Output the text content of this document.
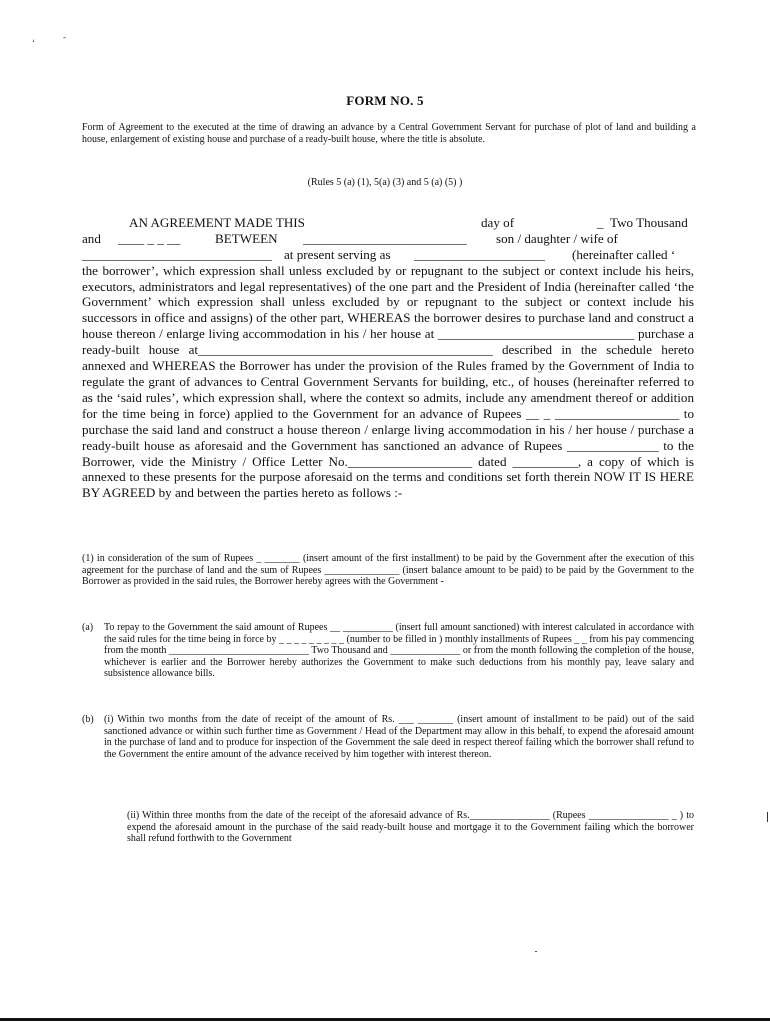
‘
-
FORM NO. 5
Form of Agreement to the executed at the time of drawing an advance by a Central Government Servant for purchase of plot of land and building a house, enlargement of existing house and purchase of a ready-built house, where the title is absolute.
(Rules 5 (a) (1), 5(a) (3) and 5 (a) (5) )
AN AGREEMENT MADE THIS	day of	_ Two Thousand
and ____ _ _ __	BETWEEN _________________________ son / daughter / wife of
_____________________________ at present serving as ____________________ (hereinafter called ‘
the borrower’, which expression shall unless excluded by or repugnant to the subject or context include his heirs, executors, administrators and legal representatives) of the one part and the President of India (hereinafter called ‘the Government’ which expression shall unless excluded by or repugnant to the subject or context include his successors in office and assigns) of the other part, WHEREAS the borrower desires to purchase land and construct a house thereon / enlarge living accommodation in his / her house at ______________________________ purchase a ready-built house at_____________________________________________ described in the schedule hereto annexed and WHEREAS the Borrower has under the provision of the Rules framed by the Government of India to regulate the grant of advances to Central Government Servants for building, etc., of houses (hereinafter referred to as the ‘said rules’, which expression shall, where the context so admits, include any amendment thereof or addition for the time being in force) applied to the Government for an advance of Rupees __ _ ___________________ to purchase the said land and construct a house thereon / enlarge living accommodation in his / her house / purchase a ready-built house as aforesaid and the Government has sanctioned an advance of Rupees ______________ to the Borrower, vide the Ministry / Office Letter No.___________________ dated __________, a copy of which is annexed to these presents for the purpose aforesaid on the terms and conditions set forth therein NOW IT IS HERE BY AGREED by and between the parties hereto as follows :-
(1) in consideration of the sum of Rupees _ _______ (insert amount of the first installment) to be paid by the Government after the execution of this agreement for the purchase of land and the sum of Rupees _______________ (insert balance amount to be paid) to be paid by the Government to the Borrower as provided in the said rules, the Borrower hereby agrees with the Government -
(a) To repay to the Government the said amount of Rupees __ __________ (insert full amount sanctioned) with interest calculated in accordance with the said rules for the time being in force by _ _ _ _ _ _ _ _ _ (number to be filled in ) monthly installments of Rupees _ _ from his pay commencing from the month ____________________________ Two Thousand and ______________ or from the month following the completion of the house, whichever is earlier and the Borrower hereby authorizes the Government to make such deductions from his monthly pay, leave salary and subsistence allowance bills.
(b) (i) Within two months from the date of receipt of the amount of Rs. ___ _______ (insert amount of installment to be paid) out of the said sanctioned advance or within such further time as Government / Head of the Department may allow in this behalf, to expend the aforesaid amount in the purchase of land and to produce for inspection of the Government the sale deed in respect thereof failing which the borrower shall refund to the Government the entire amount of the advance received by him together with interest thereon.
(ii) Within three months from the date of the receipt of the aforesaid advance of Rs.________________ (Rupees ________________ _ ) to expend the aforesaid amount in the purchase of the said ready-built house and mortgage it to the Government failing which the borrower shall refund forthwith to the Government
